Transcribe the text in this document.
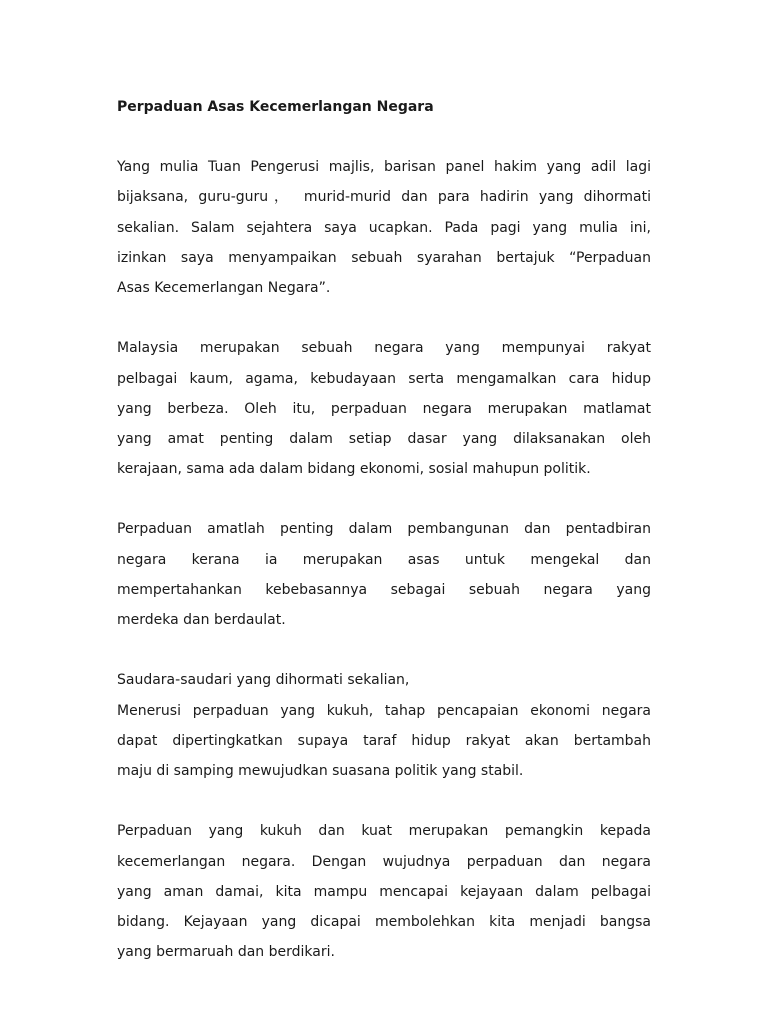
Perpaduan Asas Kecemerlangan Negara
Yang mulia Tuan Pengerusi majlis, barisan panel hakim yang adil lagi
bijaksana, guru-guru， murid-murid dan para hadirin yang dihormati
sekalian. Salam sejahtera saya ucapkan. Pada pagi yang mulia ini,
izinkan saya menyampaikan sebuah syarahan bertajuk “Perpaduan
Asas Kecemerlangan Negara”.
Malaysia merupakan sebuah negara yang mempunyai rakyat
pelbagai kaum, agama, kebudayaan serta mengamalkan cara hidup
yang berbeza. Oleh itu, perpaduan negara merupakan matlamat
yang amat penting dalam setiap dasar yang dilaksanakan oleh
kerajaan, sama ada dalam bidang ekonomi, sosial mahupun politik.
Perpaduan amatlah penting dalam pembangunan dan pentadbiran
negara kerana ia merupakan asas untuk mengekal dan
mempertahankan kebebasannya sebagai sebuah negara yang
merdeka dan berdaulat.
Saudara-saudari yang dihormati sekalian,
Menerusi perpaduan yang kukuh, tahap pencapaian ekonomi negara
dapat dipertingkatkan supaya taraf hidup rakyat akan bertambah
maju di samping mewujudkan suasana politik yang stabil.
Perpaduan yang kukuh dan kuat merupakan pemangkin kepada
kecemerlangan negara. Dengan wujudnya perpaduan dan negara
yang aman damai, kita mampu mencapai kejayaan dalam pelbagai
bidang. Kejayaan yang dicapai membolehkan kita menjadi bangsa
yang bermaruah dan berdikari.
